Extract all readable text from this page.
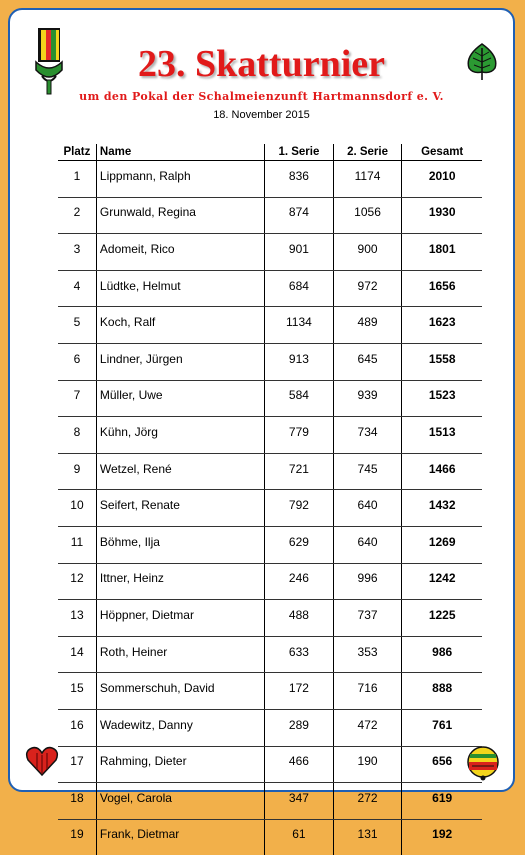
23. Skatturnier
um den Pokal der Schalmeienzunft Hartmannsdorf e. V.
18. November 2015
Platz	Name	1. Serie	2. Serie	Gesamt
1	Lippmann, Ralph	836	1174	2010
2	Grunwald, Regina	874	1056	1930
3	Adomeit, Rico	901	900	1801
4	Lüdtke, Helmut	684	972	1656
5	Koch, Ralf	1134	489	1623
6	Lindner, Jürgen	913	645	1558
7	Müller, Uwe	584	939	1523
8	Kühn, Jörg	779	734	1513
9	Wetzel, René	721	745	1466
10	Seifert, Renate	792	640	1432
11	Böhme, Ilja	629	640	1269
12	Ittner, Heinz	246	996	1242
13	Höppner, Dietmar	488	737	1225
14	Roth, Heiner	633	353	986
15	Sommerschuh, David	172	716	888
16	Wadewitz, Danny	289	472	761
17	Rahming, Dieter	466	190	656
18	Vogel, Carola	347	272	619
19	Frank, Dietmar	61	131	192
